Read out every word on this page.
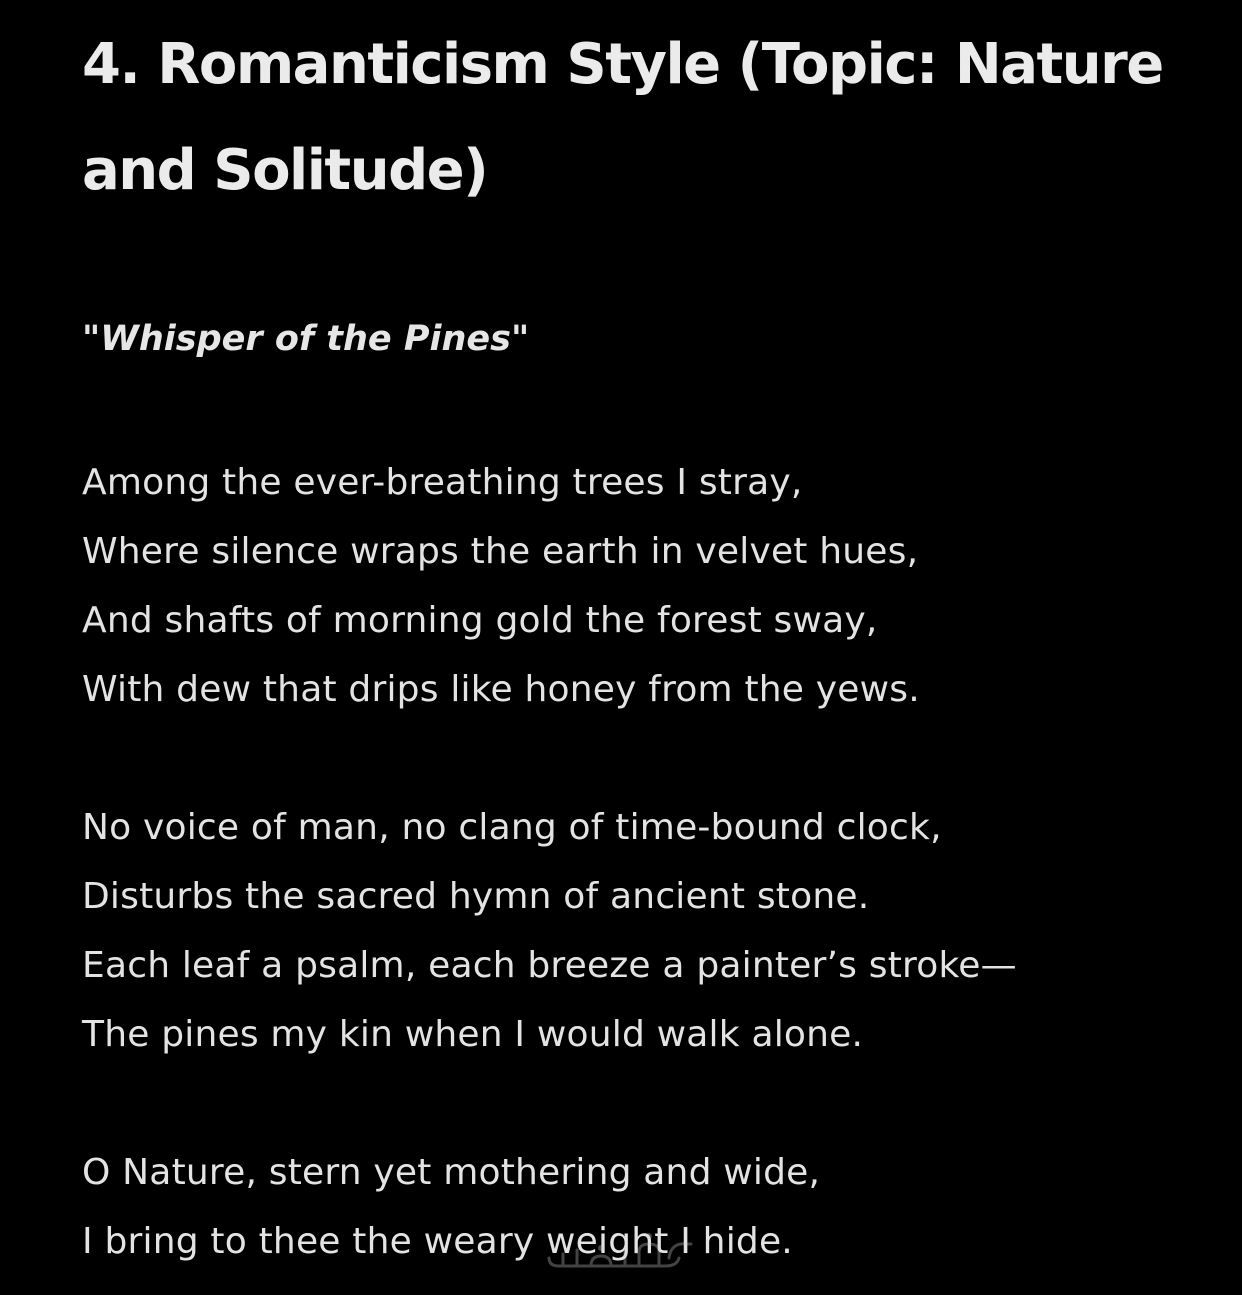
4. Romanticism Style (Topic: Nature and Solitude)

"Whisper of the Pines"

Among the ever-breathing trees I stray,
Where silence wraps the earth in velvet hues,
And shafts of morning gold the forest sway,
With dew that drips like honey from the yews.
No voice of man, no clang of time-bound clock,
Disturbs the sacred hymn of ancient stone.
Each leaf a psalm, each breeze a painter’s stroke—
The pines my kin when I would walk alone.
O Nature, stern yet mothering and wide,
I bring to thee the weary weight I hide.
